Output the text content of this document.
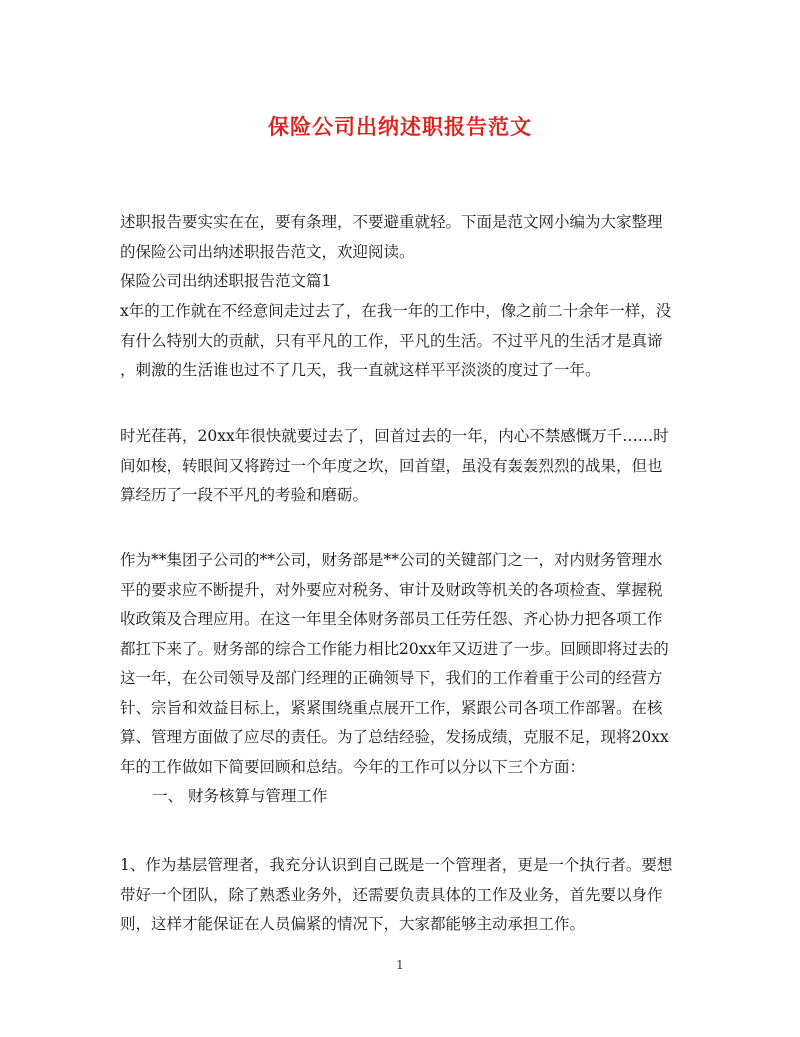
保险公司出纳述职报告范文
述职报告要实实在在，要有条理，不要避重就轻。下面是范文网小编为大家整理
的保险公司出纳述职报告范文，欢迎阅读。
保险公司出纳述职报告范文篇1
x年的工作就在不经意间走过去了，在我一年的工作中，像之前二十余年一样，没
有什么特别大的贡献，只有平凡的工作，平凡的生活。不过平凡的生活才是真谛
，刺激的生活谁也过不了几天，我一直就这样平平淡淡的度过了一年。
时光荏苒，20xx年很快就要过去了，回首过去的一年，内心不禁感慨万千……时
间如梭，转眼间又将跨过一个年度之坎，回首望，虽没有轰轰烈烈的战果，但也
算经历了一段不平凡的考验和磨砺。
作为**集团子公司的**公司，财务部是**公司的关键部门之一，对内财务管理水
平的要求应不断提升，对外要应对税务、审计及财政等机关的各项检查、掌握税
收政策及合理应用。在这一年里全体财务部员工任劳任怨、齐心协力把各项工作
都扛下来了。财务部的综合工作能力相比20xx年又迈进了一步。回顾即将过去的
这一年，在公司领导及部门经理的正确领导下，我们的工作着重于公司的经营方
针、宗旨和效益目标上，紧紧围绕重点展开工作，紧跟公司各项工作部署。在核
算、管理方面做了应尽的责任。为了总结经验，发扬成绩，克服不足，现将20xx
年的工作做如下简要回顾和总结。今年的工作可以分以下三个方面：
一、 财务核算与管理工作
1、作为基层管理者，我充分认识到自己既是一个管理者，更是一个执行者。要想
带好一个团队，除了熟悉业务外，还需要负责具体的工作及业务，首先要以身作
则，这样才能保证在人员偏紧的情况下，大家都能够主动承担工作。
1
